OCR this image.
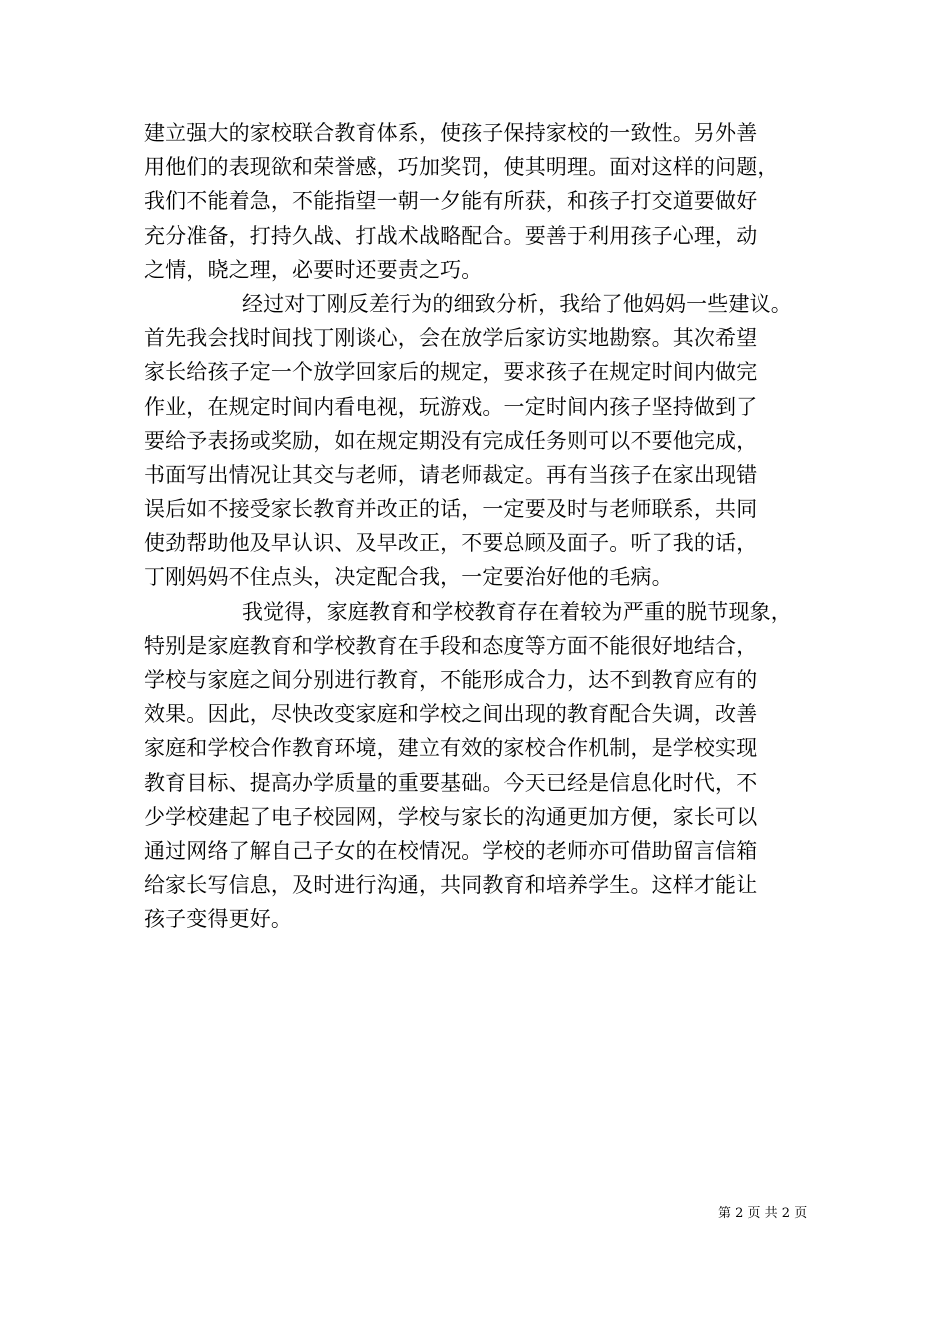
建立强大的家校联合教育体系，使孩子保持家校的一致性。另外善
用他们的表现欲和荣誉感，巧加奖罚，使其明理。面对这样的问题，
我们不能着急，不能指望一朝一夕能有所获，和孩子打交道要做好
充分准备，打持久战、打战术战略配合。要善于利用孩子心理，动
之情，晓之理，必要时还要责之巧。
经过对丁刚反差行为的细致分析，我给了他妈妈一些建议。
首先我会找时间找丁刚谈心，会在放学后家访实地勘察。其次希望
家长给孩子定一个放学回家后的规定，要求孩子在规定时间内做完
作业，在规定时间内看电视，玩游戏。一定时间内孩子坚持做到了
要给予表扬或奖励，如在规定期没有完成任务则可以不要他完成，
书面写出情况让其交与老师，请老师裁定。再有当孩子在家出现错
误后如不接受家长教育并改正的话，一定要及时与老师联系，共同
使劲帮助他及早认识、及早改正，不要总顾及面子。听了我的话，
丁刚妈妈不住点头，决定配合我，一定要治好他的毛病。
我觉得，家庭教育和学校教育存在着较为严重的脱节现象，
特别是家庭教育和学校教育在手段和态度等方面不能很好地结合，
学校与家庭之间分别进行教育，不能形成合力，达不到教育应有的
效果。因此，尽快改变家庭和学校之间出现的教育配合失调，改善
家庭和学校合作教育环境，建立有效的家校合作机制，是学校实现
教育目标、提高办学质量的重要基础。今天已经是信息化时代，不
少学校建起了电子校园网，学校与家长的沟通更加方便，家长可以
通过网络了解自己子女的在校情况。学校的老师亦可借助留言信箱
给家长写信息，及时进行沟通，共同教育和培养学生。这样才能让
孩子变得更好。
第 2 页 共 2 页
